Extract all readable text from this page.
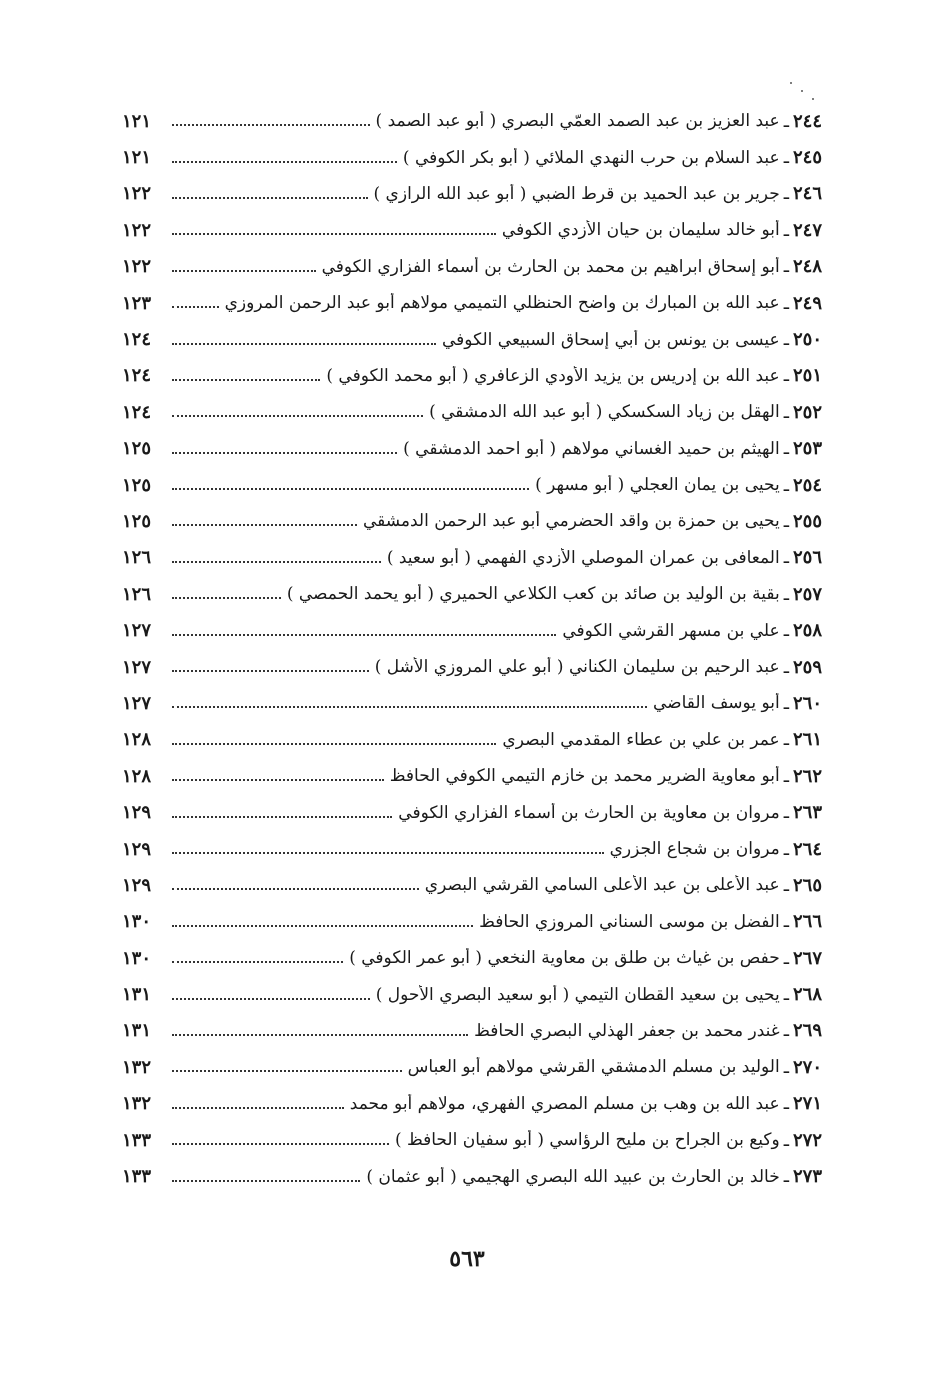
٢٤٤
ـ
عبد العزيز بن عبد الصمد العمّي البصري ( أبو عبد الصمد )
١٢١
٢٤٥
ـ
عبد السلام بن حرب النهدي الملائي ( أبو بكر الكوفي )
١٢١
٢٤٦
ـ
جرير بن عبد الحميد بن قرط الضبي ( أبو عبد الله الرازي )
١٢٢
٢٤٧
ـ
أبو خالد سليمان بن حيان الأزدي الكوفي
١٢٢
٢٤٨
ـ
أبو إسحاق ابراهيم بن محمد بن الحارث بن أسماء الفزاري الكوفي
١٢٢
٢٤٩
ـ
عبد الله بن المبارك بن واضح الحنظلي التميمي مولاهم أبو عبد الرحمن المروزي
١٢٣
٢٥٠
ـ
عيسى بن يونس بن أبي إسحاق السبيعي الكوفي
١٢٤
٢٥١
ـ
عبد الله بن إدريس بن يزيد الأودي الزعافري ( أبو محمد الكوفي )
١٢٤
٢٥٢
ـ
الهقل بن زياد السكسكي ( أبو عبد الله الدمشقي )
١٢٤
٢٥٣
ـ
الهيثم بن حميد الغساني مولاهم ( أبو احمد الدمشقي )
١٢٥
٢٥٤
ـ
يحيى بن يمان العجلي ( أبو مسهر )
١٢٥
٢٥٥
ـ
يحيى بن حمزة بن واقد الحضرمي أبو عبد الرحمن الدمشقي
١٢٥
٢٥٦
ـ
المعافى بن عمران الموصلي الأزدي الفهمي ( أبو سعيد )
١٢٦
٢٥٧
ـ
بقية بن الوليد بن صائد بن كعب الكلاعي الحميري ( أبو يحمد الحمصي )
١٢٦
٢٥٨
ـ
علي بن مسهر القرشي الكوفي
١٢٧
٢٥٩
ـ
عبد الرحيم بن سليمان الكناني ( أبو علي المروزي الأشل )
١٢٧
٢٦٠
ـ
أبو يوسف القاضي
١٢٧
٢٦١
ـ
عمر بن علي بن عطاء المقدمي البصري
١٢٨
٢٦٢
ـ
أبو معاوية الضرير محمد بن خازم التيمي الكوفي الحافظ
١٢٨
٢٦٣
ـ
مروان بن معاوية بن الحارث بن أسماء الفزاري الكوفي
١٢٩
٢٦٤
ـ
مروان بن شجاع الجزري
١٢٩
٢٦٥
ـ
عبد الأعلى بن عبد الأعلى السامي القرشي البصري
١٢٩
٢٦٦
ـ
الفضل بن موسى السناني المروزي الحافظ
١٣٠
٢٦٧
ـ
حفص بن غياث بن طلق بن معاوية النخعي ( أبو عمر الكوفي )
١٣٠
٢٦٨
ـ
يحيى بن سعيد القطان التيمي ( أبو سعيد البصري الأحول )
١٣١
٢٦٩
ـ
غندر محمد بن جعفر الهذلي البصري الحافظ
١٣١
٢٧٠
ـ
الوليد بن مسلم الدمشقي القرشي مولاهم أبو العباس
١٣٢
٢٧١
ـ
عبد الله بن وهب بن مسلم المصري الفهري، مولاهم أبو محمد
١٣٢
٢٧٢
ـ
وكيع بن الجراح بن مليح الرؤاسي ( أبو سفيان الحافظ )
١٣٣
٢٧٣
ـ
خالد بن الحارث بن عبيد الله البصري الهجيمي ( أبو عثمان )
١٣٣
٥٦٣
